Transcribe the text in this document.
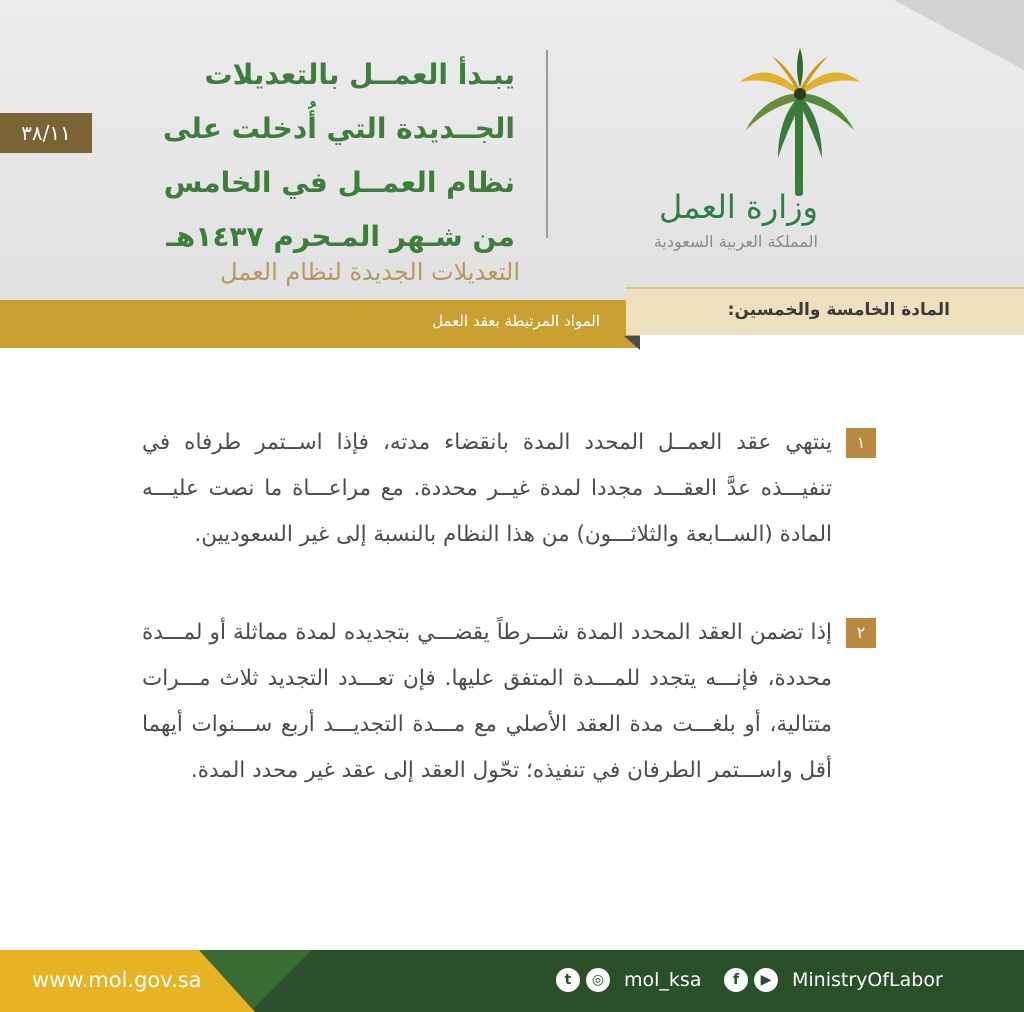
٣٨/١١
يبـدأ العمــل بالتعديلات
الجــديدة التي أُدخلت على
نظام العمــل في الخامس
من شـهر المـحرم ١٤٣٧هـ
التعديلات الجديدة لنظام العمل
وزارة العمل
المملكة العربية السعودية
المواد المرتبطة بعقد العمل
المادة الخامسة والخمسين:
١
ينتهي عقد العمــل المحدد المدة بانقضاء مدته، فإذا اســتمر طرفاه في تنفيـــذه عدَّ العقـــد مجددا لمدة غيــر محددة. مع مراعـــاة ما نصت عليـــه المادة (الســابعة والثلاثـــون) من هذا النظام بالنسبة إلى غير السعوديين.
٢
إذا تضمن العقد المحدد المدة شـــرطاً يقضـــي بتجديده لمدة مماثلة أو لمـــدة محددة، فإنـــه يتجدد للمـــدة المتفق عليها. فإن تعـــدد التجديد ثلاث مـــرات متتالية، أو بلغـــت مدة العقد الأصلي مع مـــدة التجديـــد أربع ســـنوات أيهما أقل واســـتمر الطرفان في تنفيذه؛ تحّول العقد إلى عقد غير محدد المدة.
www.mol.gov.sa	t	◎	mol_ksa	f	▶	MinistryOfLabor
